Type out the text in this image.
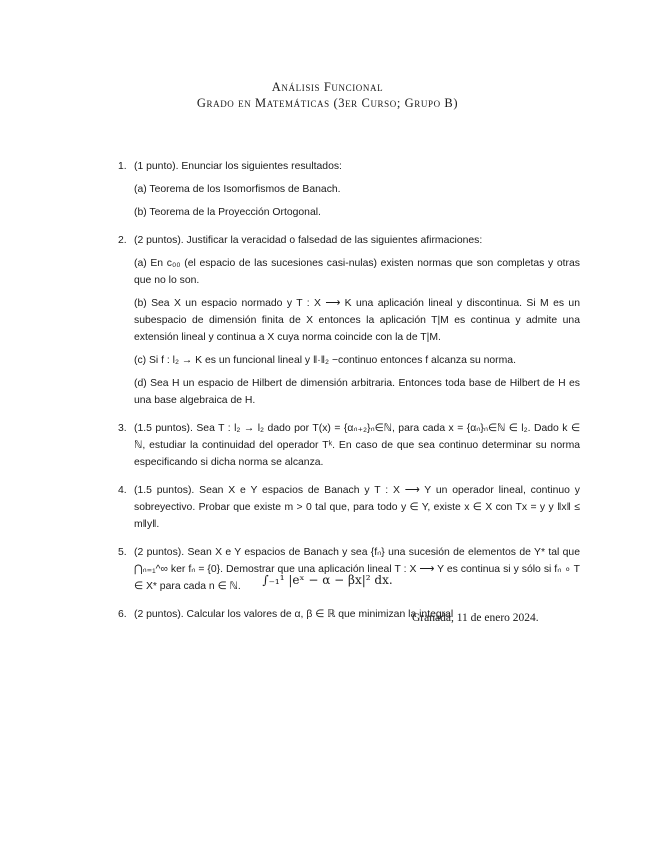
Análisis Funcional
Grado en Matemáticas (3er Curso; Grupo B)
1. (1 punto). Enunciar los siguientes resultados:
(a) Teorema de los Isomorfismos de Banach.
(b) Teorema de la Proyección Ortogonal.
2. (2 puntos). Justificar la veracidad o falsedad de las siguientes afirmaciones:
(a) En c₀₀ (el espacio de las sucesiones casi-nulas) existen normas que son completas y otras que no lo son.
(b) Sea X un espacio normado y T : X ⟶ K una aplicación lineal y discontinua. Si M es un subespacio de dimensión finita de X entonces la aplicación T|M es continua y admite una extensión lineal y continua a X cuya norma coincide con la de T|M.
(c) Si f : l₂ → K es un funcional lineal y ‖·‖₂ −continuo entonces f alcanza su norma.
(d) Sea H un espacio de Hilbert de dimensión arbitraria. Entonces toda base de Hilbert de H es una base algebraica de H.
3. (1.5 puntos). Sea T : l₂ → l₂ dado por T(x) = {αₙ₊₂}ₙ∈ℕ, para cada x = {αₙ}ₙ∈ℕ ∈ l₂. Dado k ∈ ℕ, estudiar la continuidad del operador Tᵏ. En caso de que sea continuo determinar su norma especificando si dicha norma se alcanza.
4. (1.5 puntos). Sean X e Y espacios de Banach y T : X ⟶ Y un operador lineal, continuo y sobreyectivo. Probar que existe m > 0 tal que, para todo y ∈ Y, existe x ∈ X con Tx = y y ‖x‖ ≤ m‖y‖.
5. (2 puntos). Sean X e Y espacios de Banach y sea {fₙ} una sucesión de elementos de Y* tal que ⋂ₙ₌₁^∞ ker fₙ = {0}. Demostrar que una aplicación lineal T : X ⟶ Y es continua si y sólo si fₙ ∘ T ∈ X* para cada n ∈ ℕ.
6. (2 puntos). Calcular los valores de α, β ∈ ℝ que minimizan la integral
∫₋₁¹ |eˣ − α − βx|² dx.
Granada, 11 de enero 2024.
